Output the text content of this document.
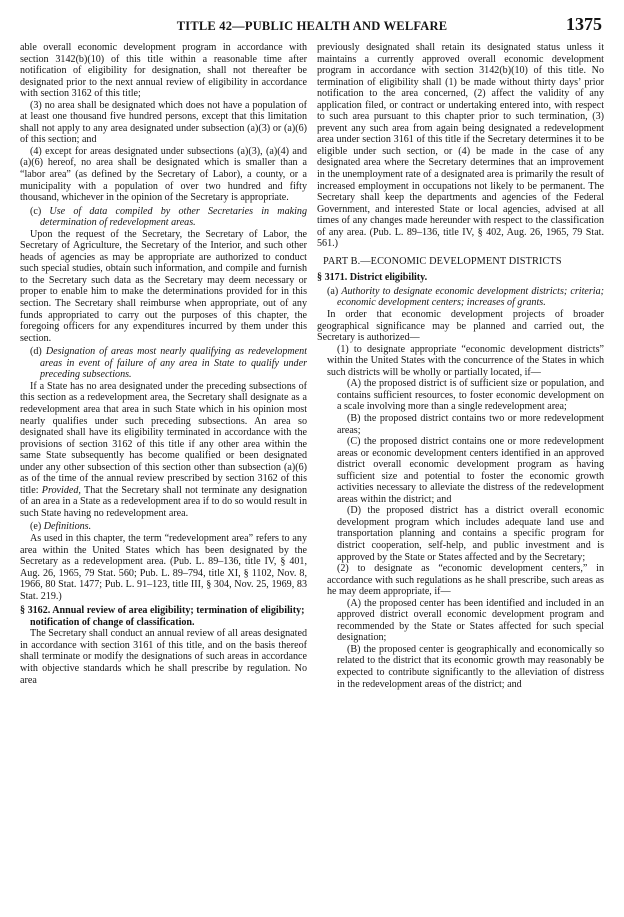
TITLE 42—PUBLIC HEALTH AND WELFARE	1375

able overall economic development program in accordance with section 3142(b)(10) of this title within a reasonable time after notification of eligibility for designation, shall not thereafter be designated prior to the next annual review of eligibility in accordance with section 3162 of this title;

(3) no area shall be designated which does not have a population of at least one thousand five hundred persons, except that this limitation shall not apply to any area designated under subsection (a)(3) or (a)(6) of this section; and

(4) except for areas designated under subsections (a)(3), (a)(4) and (a)(6) hereof, no area shall be designated which is smaller than a “labor area” (as defined by the Secretary of Labor), a county, or a municipality with a population of over two hundred and fifty thousand, whichever in the opinion of the Secretary is appropriate.

(c) Use of data compiled by other Secretaries in making determination of redevelopment areas.

Upon the request of the Secretary, the Secretary of Labor, the Secretary of Agriculture, the Secretary of the Interior, and such other heads of agencies as may be appropriate are authorized to conduct such special studies, obtain such information, and compile and furnish to the Secretary such data as the Secretary may deem necessary or proper to enable him to make the determinations provided for in this section. The Secretary shall reimburse when appropriate, out of any funds appropriated to carry out the purposes of this chapter, the foregoing officers for any expenditures incurred by them under this section.

(d) Designation of areas most nearly qualifying as redevelopment areas in event of failure of any area in State to qualify under preceding subsections.

If a State has no area designated under the preceding subsections of this section as a redevelopment area, the Secretary shall designate as a redevelopment area that area in such State which in his opinion most nearly qualifies under such preceding subsections. An area so designated shall have its eligibility terminated in accordance with the provisions of section 3162 of this title if any other area within the same State subsequently has become qualified or been designated under any other subsection of this section other than subsection (a)(6) as of the time of the annual review prescribed by section 3162 of this title: Provided, That the Secretary shall not terminate any designation of an area in a State as a redevelopment area if to do so would result in such State having no redevelopment area.

(e) Definitions.

As used in this chapter, the term “redevelopment area” refers to any area within the United States which has been designated by the Secretary as a redevelopment area. (Pub. L. 89–136, title IV, § 401, Aug. 26, 1965, 79 Stat. 560; Pub. L. 89–794, title XI, § 1102, Nov. 8, 1966, 80 Stat. 1477; Pub. L. 91–123, title III, § 304, Nov. 25, 1969, 83 Stat. 219.)

§ 3162. Annual review of area eligibility; termination of eligibility; notification of change of classification.

The Secretary shall conduct an annual review of all areas designated in accordance with section 3161 of this title, and on the basis thereof shall terminate or modify the designations of such areas in accordance with objective standards which he shall prescribe by regulation. No area

previously designated shall retain its designated status unless it maintains a currently approved overall economic development program in accordance with section 3142(b)(10) of this title. No termination of eligibility shall (1) be made without thirty days’ prior notification to the area concerned, (2) affect the validity of any application filed, or contract or undertaking entered into, with respect to such area pursuant to this chapter prior to such termination, (3) prevent any such area from again being designated a redevelopment area under section 3161 of this title if the Secretary determines it to be eligible under such section, or (4) be made in the case of any designated area where the Secretary determines that an improvement in the unemployment rate of a designated area is primarily the result of increased employment in occupations not likely to be permanent. The Secretary shall keep the departments and agencies of the Federal Government, and interested State or local agencies, advised at all times of any changes made hereunder with respect to the classification of any area. (Pub. L. 89–136, title IV, § 402, Aug. 26, 1965, 79 Stat. 561.)

PART B.—ECONOMIC DEVELOPMENT DISTRICTS

§ 3171. District eligibility.

(a) Authority to designate economic development districts; criteria; economic development centers; increases of grants.

In order that economic development projects of broader geographical significance may be planned and carried out, the Secretary is authorized—

(1) to designate appropriate “economic development districts” within the United States with the concurrence of the States in which such districts will be wholly or partially located, if—

(A) the proposed district is of sufficient size or population, and contains sufficient resources, to foster economic development on a scale involving more than a single redevelopment area;

(B) the proposed district contains two or more redevelopment areas;

(C) the proposed district contains one or more redevelopment areas or economic development centers identified in an approved district overall economic development program as having sufficient size and potential to foster the economic growth activities necessary to alleviate the distress of the redevelopment areas within the district; and

(D) the proposed district has a district overall economic development program which includes adequate land use and transportation planning and contains a specific program for district cooperation, self-help, and public investment and is approved by the State or States affected and by the Secretary;

(2) to designate as “economic development centers,” in accordance with such regulations as he shall prescribe, such areas as he may deem appropriate, if—

(A) the proposed center has been identified and included in an approved district overall economic development program and recommended by the State or States affected for such special designation;

(B) the proposed center is geographically and economically so related to the district that its economic growth may reasonably be expected to contribute significantly to the alleviation of distress in the redevelopment areas of the district; and
